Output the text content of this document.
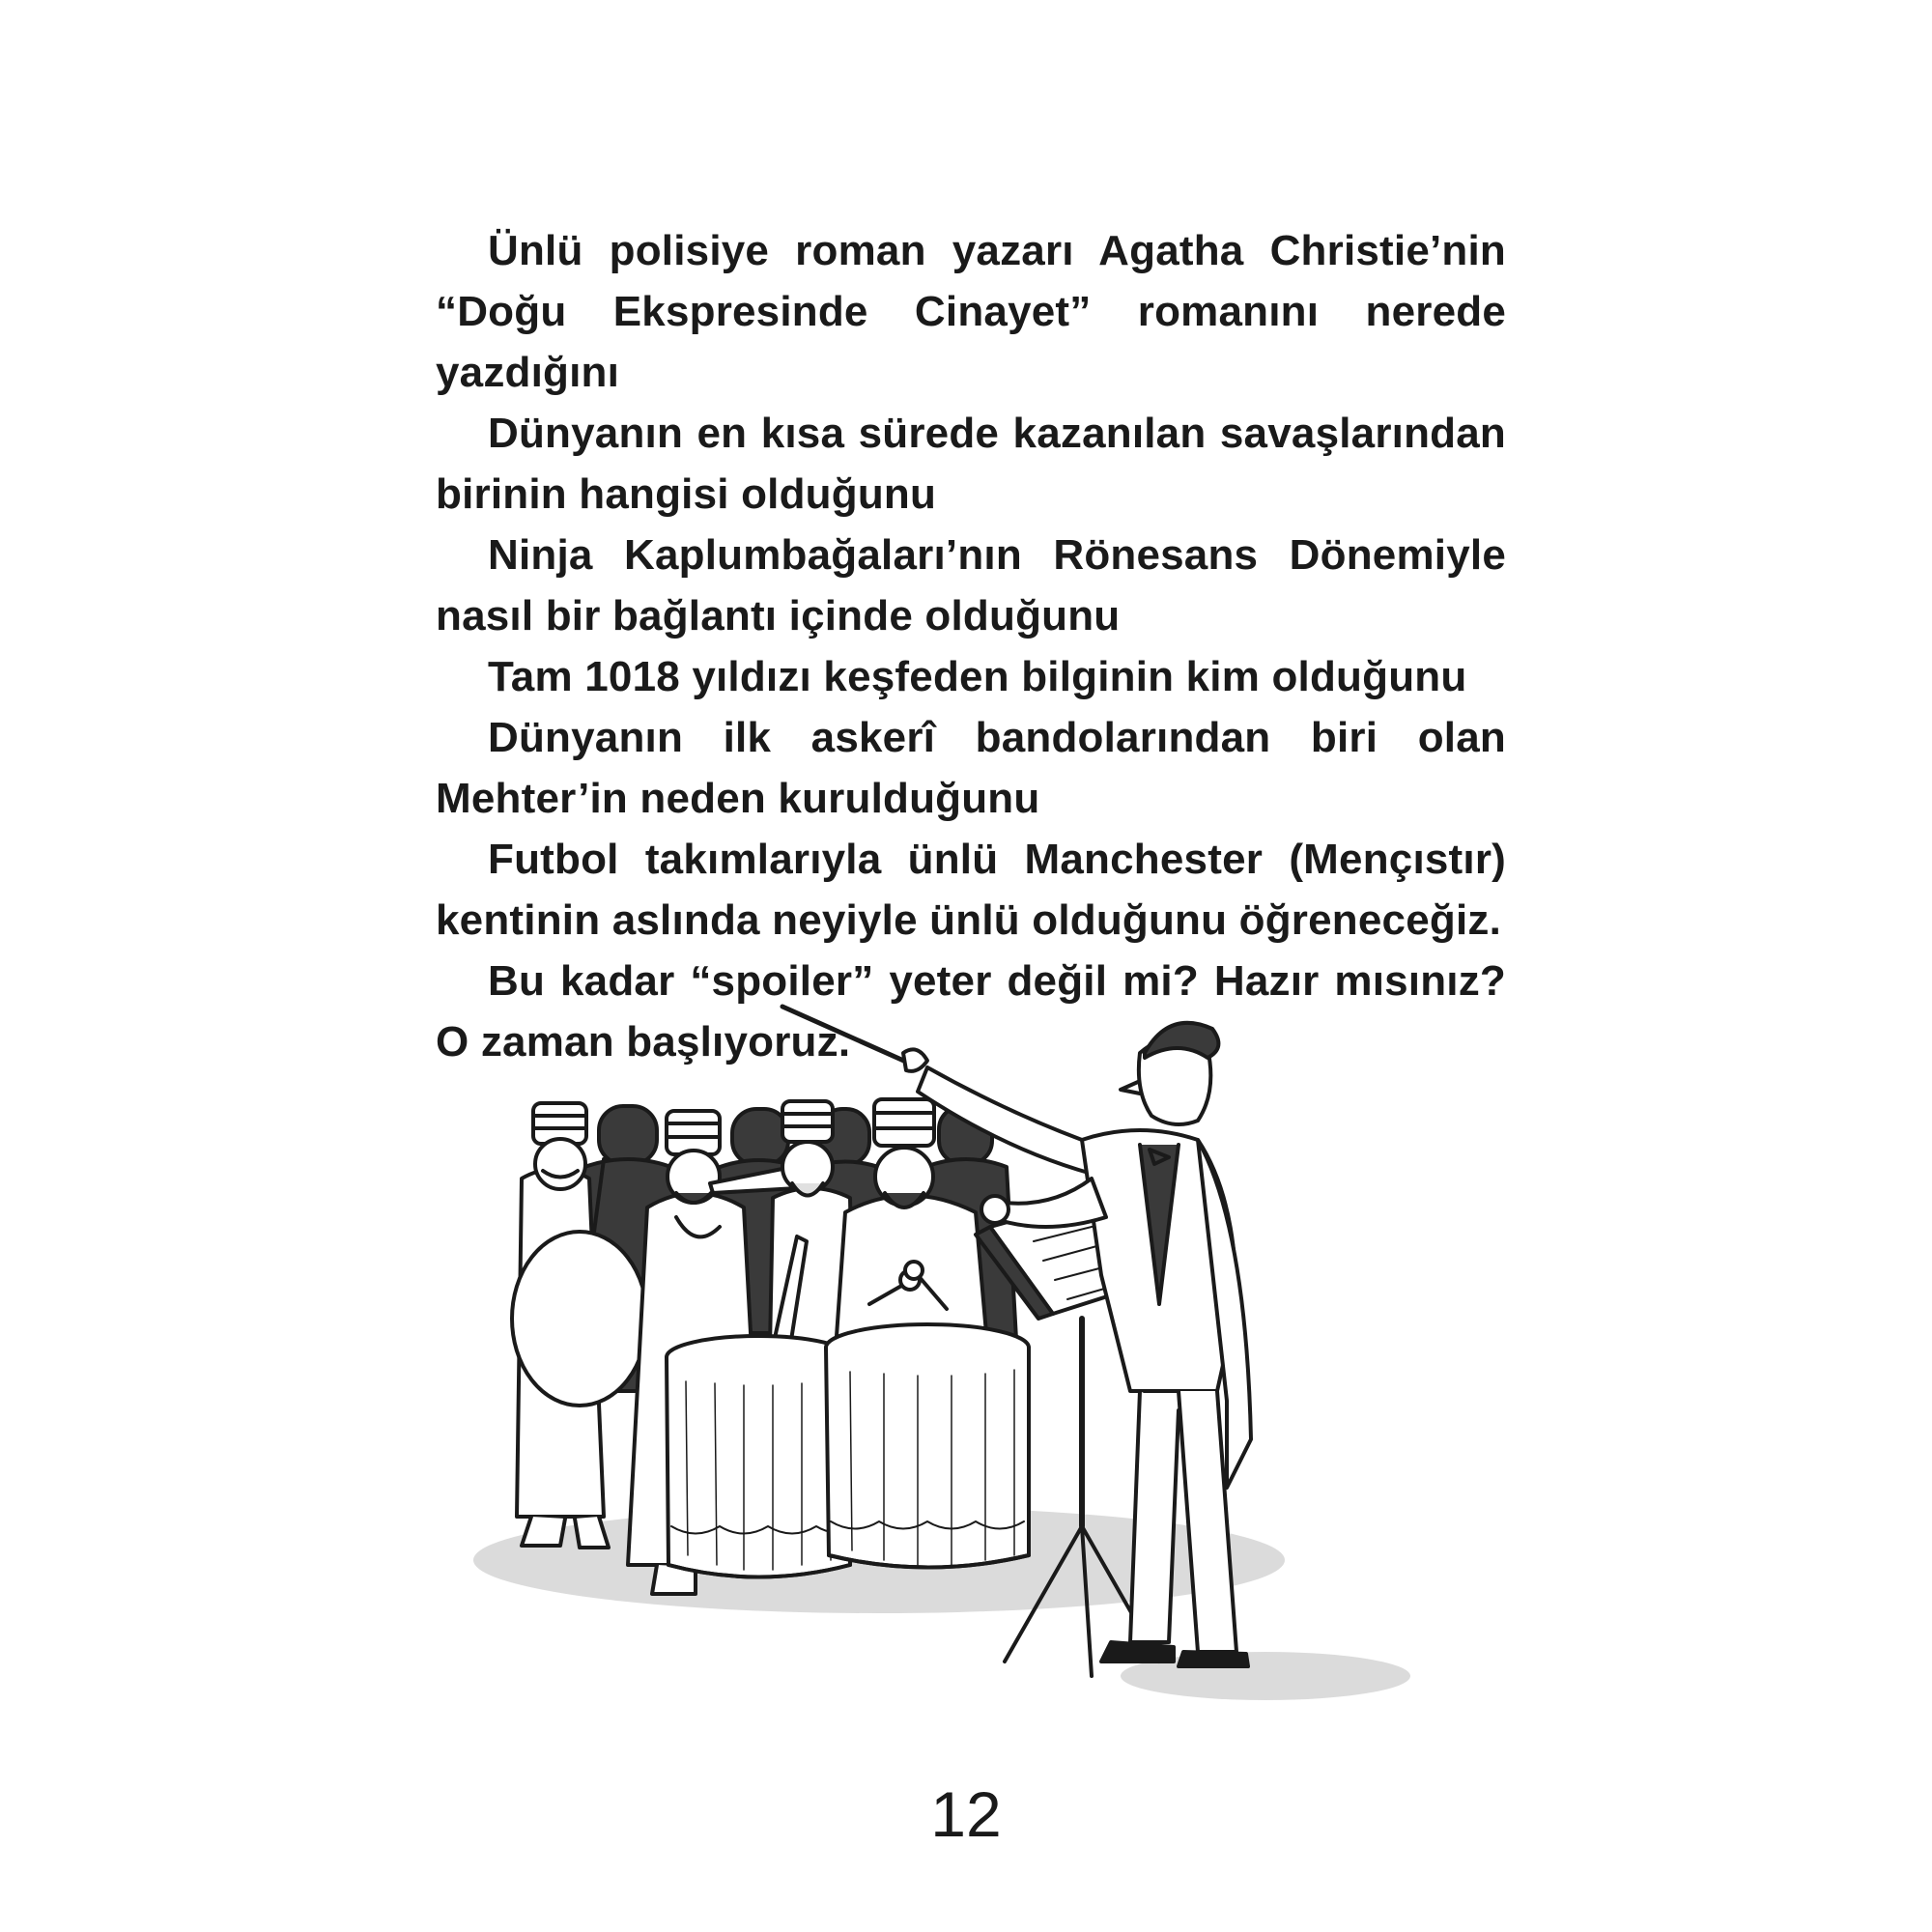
Ünlü polisiye roman yazarı Agatha Christie’nin “Doğu Ekspresinde Cinayet” romanını nerede yazdığını

Dünyanın en kısa sürede kazanılan savaşlarından birinin hangisi olduğunu

Ninja Kaplumbağaları’nın Rönesans Dönemiyle nasıl bir bağlantı içinde olduğunu

Tam 1018 yıldızı keşfeden bilginin kim olduğunu

Dünyanın ilk askerî bandolarından biri olan Mehter’in neden kurulduğunu

Futbol takımlarıyla ünlü Manchester (Mençıstır) kentinin aslında neyiyle ünlü olduğunu öğreneceğiz.

Bu kadar “spoiler” yeter değil mi? Hazır mısınız? O zaman başlıyoruz.

12
